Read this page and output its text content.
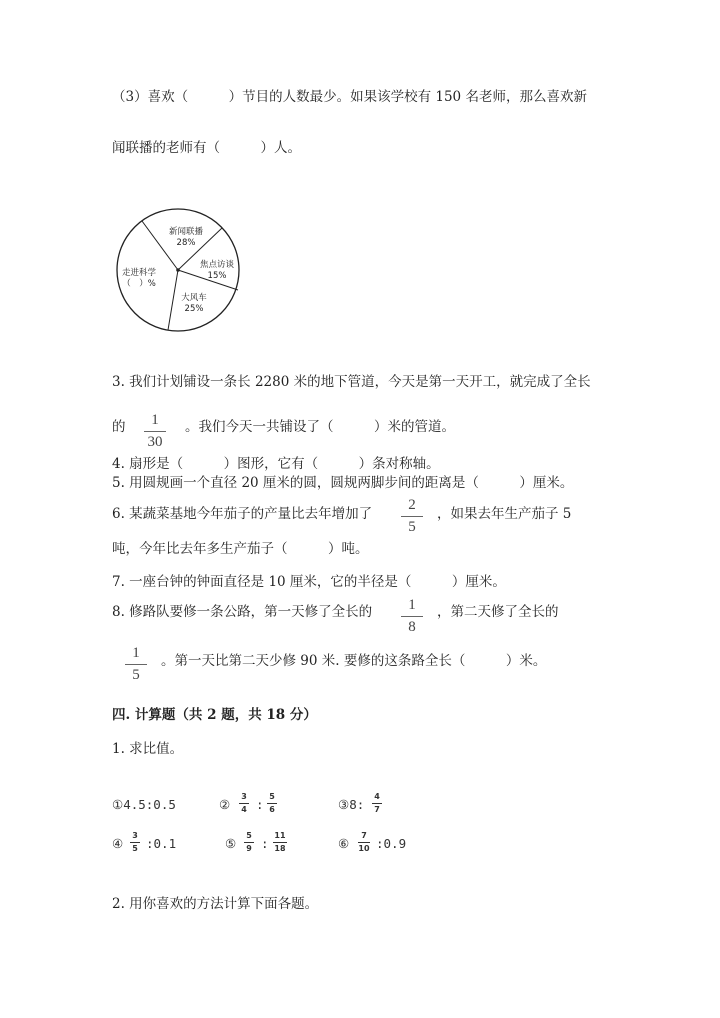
（3）喜欢（　　　）节目的人数最少。如果该学校有 150 名老师，那么喜欢新
闻联播的老师有（　　　）人。
新闻联播
28%
焦点访谈
15%
大风车
25%
走进科学
（　）%
3. 我们计划铺设一条长 2280 米的地下管道，今天是第一天开工，就完成了全长
的	1
30
。我们今天一共铺设了（　　　）米的管道。
4. 扇形是（　　　）图形，它有（　　　）条对称轴。
5. 用圆规画一个直径 20 厘米的圆，圆规两脚步间的距离是（　　　）厘米。
6. 某蔬菜基地今年茄子的产量比去年增加了
2
5
，如果去年生产茄子 5
吨，今年比去年多生产茄子（　　　）吨。
7. 一座台钟的钟面直径是 10 厘米，它的半径是（　　　）厘米。
8. 修路队要修一条公路，第一天修了全长的	1
8
，第二天修了全长的
1
5
。第一天比第二天少修 90 米. 要修的这条路全长（　　　）米。
四. 计算题（共 2 题，共 18 分）
1. 求比值。
①4.5:0.5	②
3
4 :
5
6	③8:
4
7
④
3
5 :0.1	⑤
5
9 :
11
18	⑥
7
10 :0.9
2. 用你喜欢的方法计算下面各题。
